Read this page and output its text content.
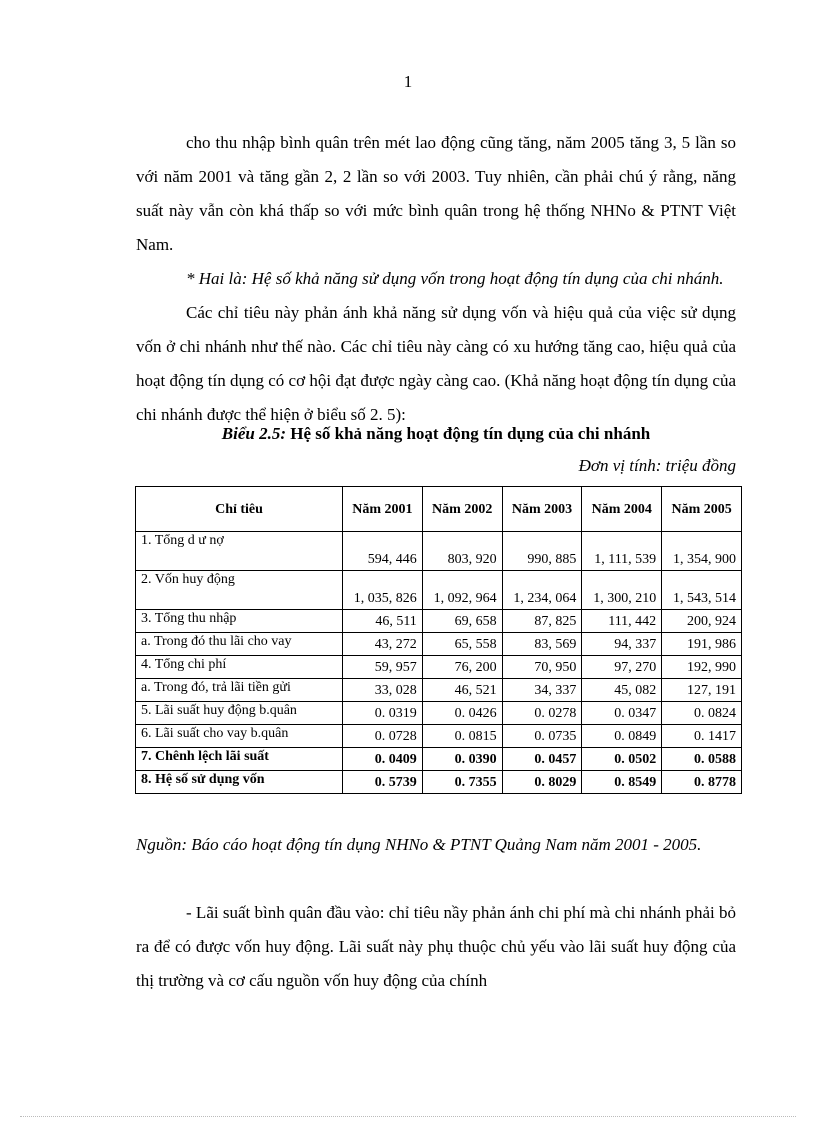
1

cho thu nhập bình quân trên mét lao động cũng tăng, năm 2005 tăng 3, 5 lần so với năm 2001 và tăng gần 2, 2 lần so với 2003. Tuy nhiên, cần phải chú ý rằng, năng suất này vẫn còn khá thấp so với mức bình quân trong hệ thống NHNo & PTNT Việt Nam.

* Hai là: Hệ số khả năng sử dụng vốn trong hoạt động tín dụng của chi nhánh.

Các chỉ tiêu này phản ánh khả năng sử dụng vốn và hiệu quả của việc sử dụng vốn ở chi nhánh như thế nào. Các chỉ tiêu này càng có xu hướng tăng cao, hiệu quả của hoạt động tín dụng có cơ hội đạt được ngày càng cao. (Khả năng hoạt động tín dụng của chi nhánh được thể hiện ở biểu số 2. 5):

Biểu 2.5: Hệ số khả năng hoạt động tín dụng của chi nhánh
Đơn vị tính: triệu đồng
Chỉ tiêu	Năm 2001	Năm 2002	Năm 2003	Năm 2004	Năm 2005
1. Tổng d ư nợ	594, 446	803, 920	990, 885	1, 111, 539	1, 354, 900
2. Vốn huy động	1, 035, 826	1, 092, 964	1, 234, 064	1, 300, 210	1, 543, 514
3. Tổng thu nhập	46, 511	69, 658	87, 825	111, 442	200, 924
a. Trong đó thu lãi cho vay	43, 272	65, 558	83, 569	94, 337	191, 986
4. Tổng chi phí	59, 957	76, 200	70, 950	97, 270	192, 990
a. Trong đó, trả lãi tiền gửi	33, 028	46, 521	34, 337	45, 082	127, 191
5. Lãi suất huy động b.quân	0. 0319	0. 0426	0. 0278	0. 0347	0. 0824
6. Lãi suất cho vay b.quân	0. 0728	0. 0815	0. 0735	0. 0849	0. 1417
7. Chênh lệch lãi suất	0. 0409	0. 0390	0. 0457	0. 0502	0. 0588
8. Hệ số sử dụng vốn	0. 5739	0. 7355	0. 8029	0. 8549	0. 8778
Nguồn: Báo cáo hoạt động tín dụng NHNo & PTNT Quảng Nam năm 2001 - 2005.

- Lãi suất bình quân đầu vào: chỉ tiêu nầy phản ánh chi phí mà chi nhánh phải bỏ ra để có được vốn huy động. Lãi suất này phụ thuộc chủ yếu vào lãi suất huy động của thị trường và cơ cấu nguồn vốn huy động của chính
